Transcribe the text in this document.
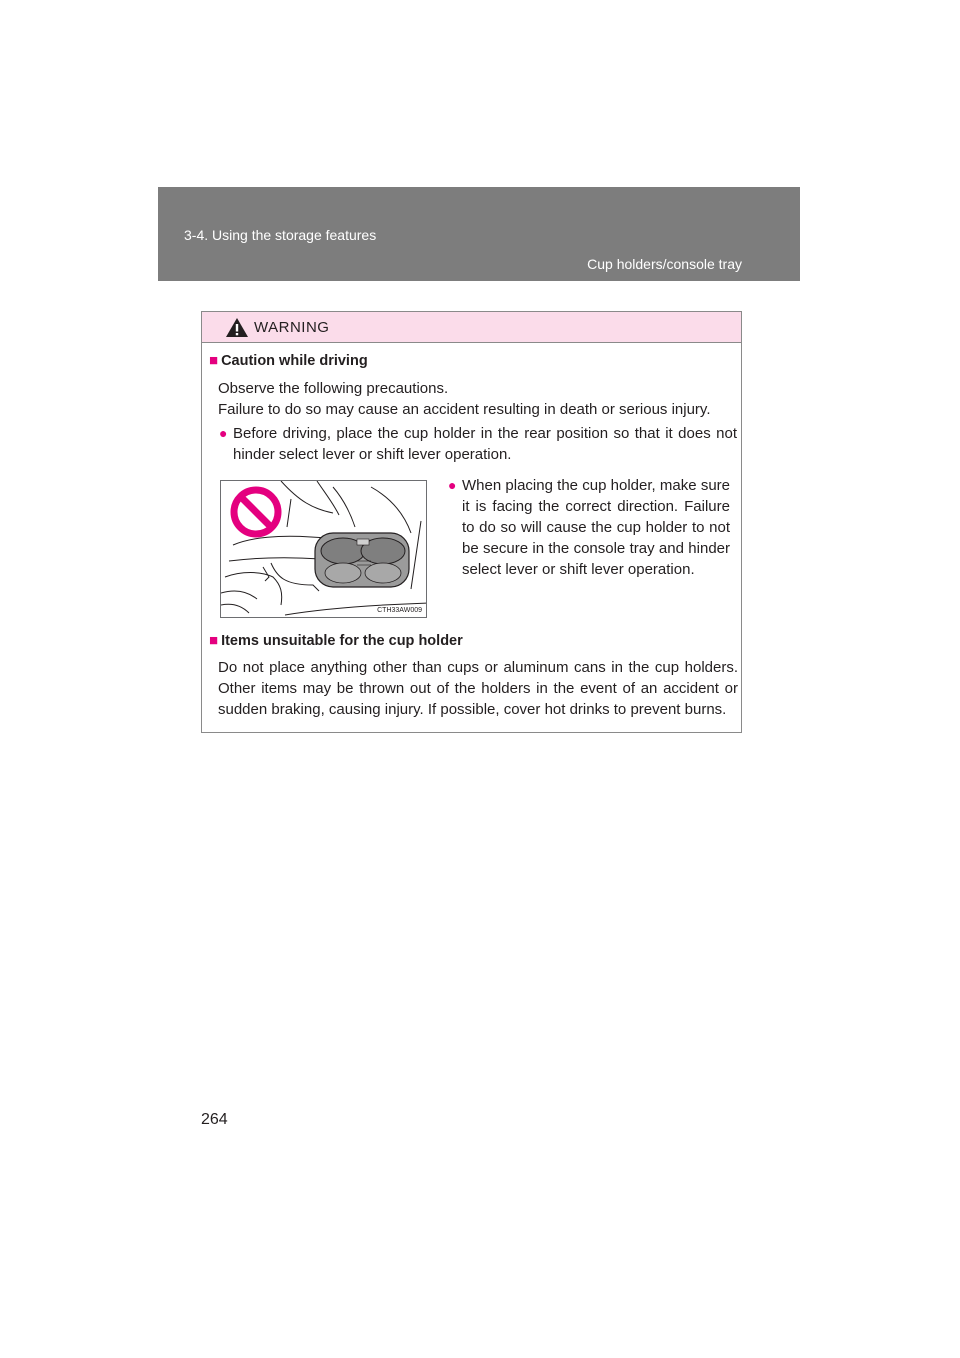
3-4. Using the storage features
Cup holders/console tray
WARNING
■ Caution while driving
Observe the following precautions.
Failure to do so may cause an accident resulting in death or serious injury.
● Before driving, place the cup holder in the rear position so that it does not hinder select lever or shift lever operation.
CTH33AW009
● When placing the cup holder, make sure it is facing the correct direction. Failure to do so will cause the cup holder to not be secure in the console tray and hinder select lever or shift lever operation.
■ Items unsuitable for the cup holder
Do not place anything other than cups or aluminum cans in the cup holders. Other items may be thrown out of the holders in the event of an accident or sudden braking, causing injury. If possible, cover hot drinks to prevent burns.
264
